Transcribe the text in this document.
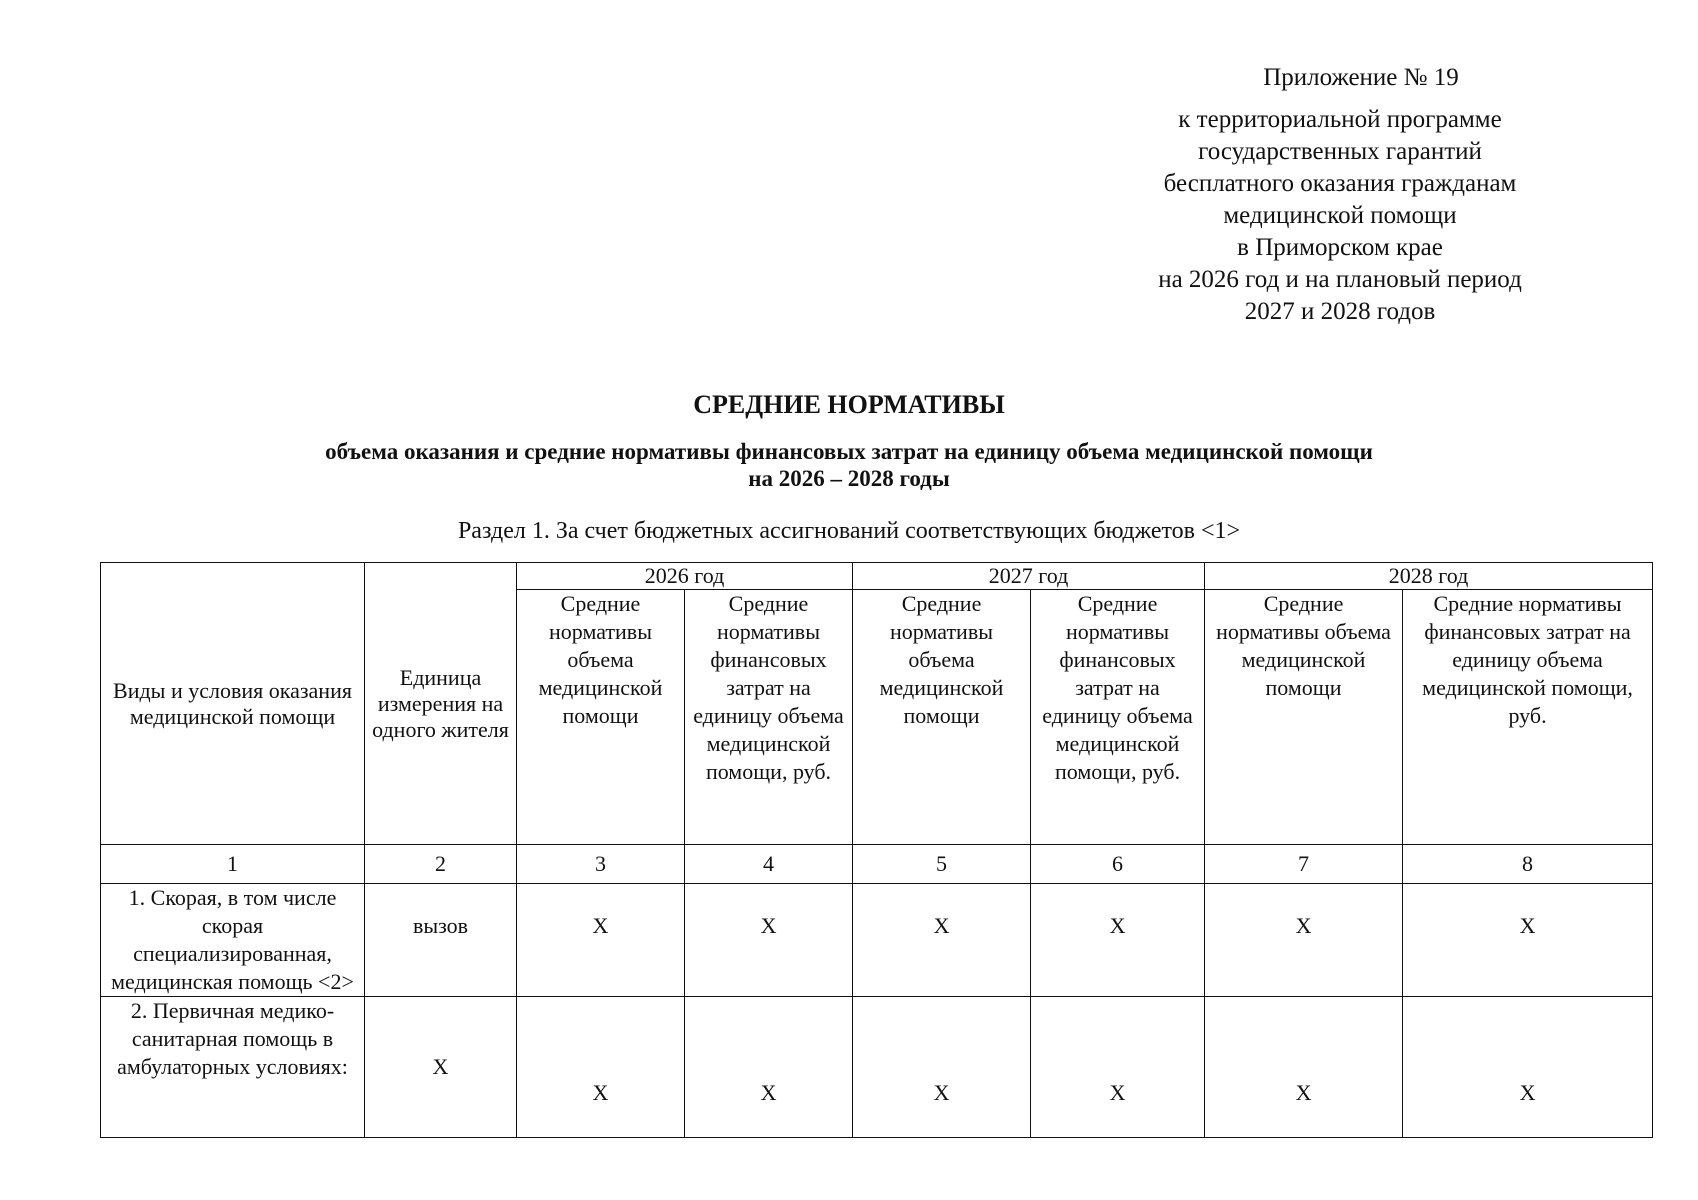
Приложение № 19
к территориальной программе
государственных гарантий
бесплатного оказания гражданам
медицинской помощи
в Приморском крае
на 2026 год и на плановый период
2027 и 2028 годов
СРЕДНИЕ НОРМАТИВЫ
объема оказания и средние нормативы финансовых затрат на единицу объема медицинской помощи
на 2026 – 2028 годы
Раздел 1. За счет бюджетных ассигнований соответствующих бюджетов <1>
Виды и условия оказания медицинской помощи	Единица измерения на одного жителя	2026 год		2027 год		2028 год	
		Средние нормативы объема медицинской помощи	Средние нормативы финансовых затрат на единицу объема медицинской помощи, руб.	Средние нормативы объема медицинской помощи	Средние нормативы финансовых затрат на единицу объема медицинской помощи, руб.	Средние нормативы объема медицинской помощи	Средние нормативы финансовых затрат на единицу объема медицинской помощи, руб.
1	2	3	4	5	6	7	8
1. Скорая, в том числе скорая специализированная, медицинская помощь <2>	вызов	Х	Х	Х	Х	Х	Х

2. Первичная медико-санитарная помощь в амбулаторных условиях:	Х	Х	Х	Х	Х	Х	Х
